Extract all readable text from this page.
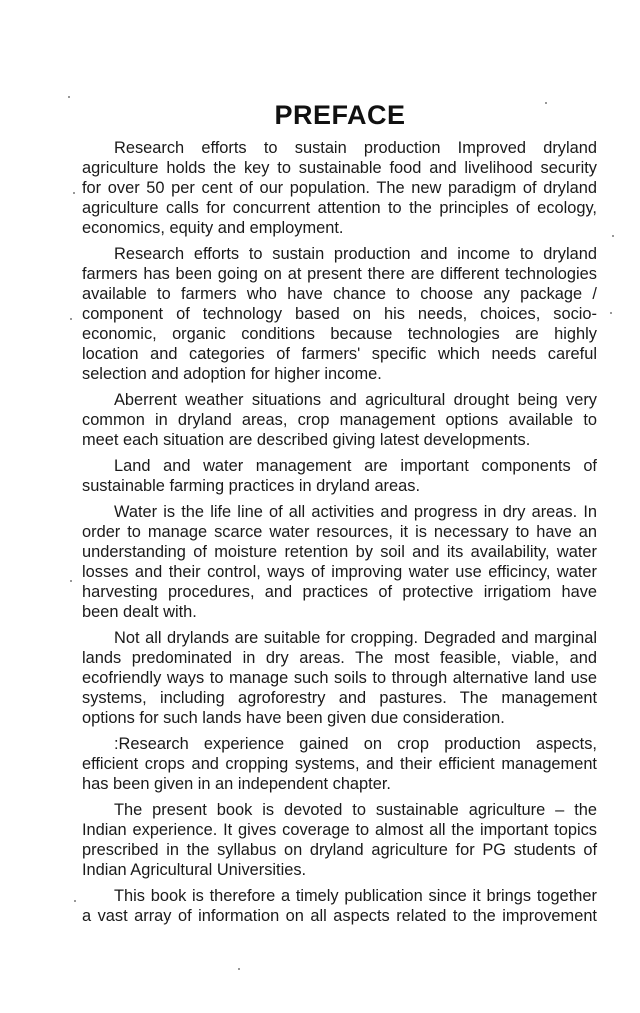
PREFACE
Research efforts to sustain production Improved dryland
agriculture holds the key to sustainable food and livelihood security
for over 50 per cent of our population. The new paradigm of dryland
agriculture calls for concurrent attention to the principles of ecology,
economics, equity and employment.
Research efforts to sustain production and income to dryland
farmers has been going on at present there are different technologies
available to farmers who have chance to choose any package /
component of technology based on his needs, choices, socio-
economic, organic conditions because technologies are highly
location and categories of farmers' specific which needs careful
selection and adoption for higher income.
Aberrent weather situations and agricultural drought being very
common in dryland areas, crop management options available to
meet each situation are described giving latest developments.
Land and water management are important components of
sustainable farming practices in dryland areas.
Water is the life line of all activities and progress in dry areas. In
order to manage scarce water resources, it is necessary to have an
understanding of moisture retention by soil and its availability, water
losses and their control, ways of improving water use efficincy, water
harvesting procedures, and practices of protective irrigatiom have
been dealt with.
Not all drylands are suitable for cropping. Degraded and marginal
lands predominated in dry areas. The most feasible, viable, and
ecofriendly ways to manage such soils to through alternative land use
systems, including agroforestry and pastures. The management
options for such lands have been given due consideration.
:Research experience gained on crop production aspects,
efficient crops and cropping systems, and their efficient management
has been given in an independent chapter.
The present book is devoted to sustainable agriculture – the
Indian experience. It gives coverage to almost all the important topics
prescribed in the syllabus on dryland agriculture for PG students of
Indian Agricultural Universities.
This book is therefore a timely publication since it brings together
a vast array of information on all aspects related to the improvement
